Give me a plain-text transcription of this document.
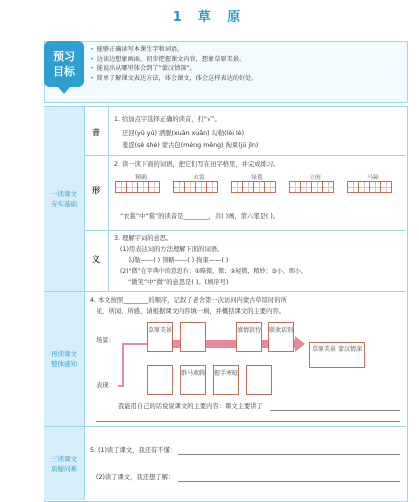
1 草 原
预习
目标
• 能够正确读写本课生字和词语。
• 边读边想象画面，初步把握课文内容，想象草原美景。
• 能说出从哪里体会到了“蒙汉情深”。
• 简单了解课文表达方法，体会课文，体会这样表达的好处。
一读课文
夯实基础
再读课文
整体感知
三读课文
质疑问难
音
形
义
1. 给加点字选择正确的读音，打“√”。
迂回(yū yú) 洒脱(xuān xuǎn) 勾勒(lèi lè)
羞涩(sè shè) 蒙古包(méng měng) 拘束(jū jǐn)
2. 读一读下面的词语，把它们写在田字格里，并完成练习。
精确	衣裳	绿毯	立雨	马蹄
“衣裳”中“裳”的读音是________，共( )画，第六笔是( )。
3. 理解字词的意思。
(1)用表达词的方法理解下面的词语。
勾勒——( ) 领略——( ) 拘束——( )
(2)“微”在字典中的意思有：①略微，微；②轻微，精妙；③小，细小，
“微笑”中“微”的意思是( )。(填序号)
4. 本文按照________的顺序，记叙了老舍第一次访问内蒙古草原时的所
见、所闻、所感，请根据课文内容填一填，并概括课文的主要内容。
场景：
表现：
草原美景	盛情款待 联欢话别
群马欢腾 握手寒暄
草原美景 蒙汉情深
我能用自己的话说说课文的主要内容：课文主要讲了
5. (1)读了课文，我还有不懂：
(2)读了课文，我还想了解：
